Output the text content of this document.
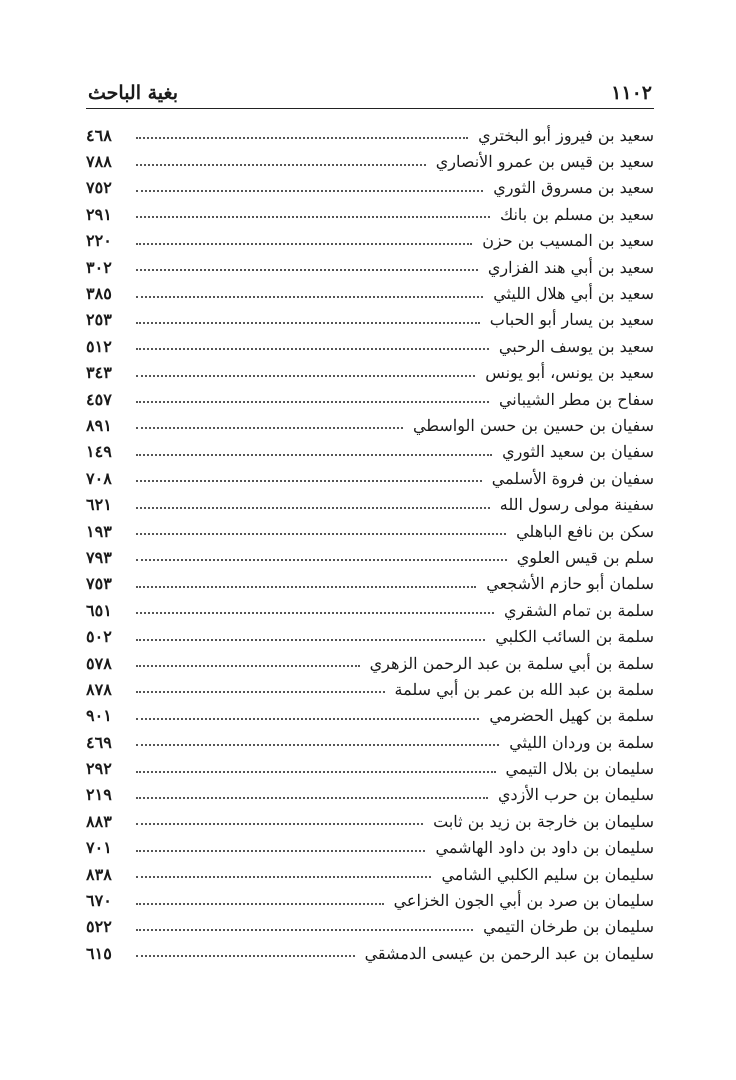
١١٠٢
بغية الباحث
سعيد بن فيروز أبو البختري
٤٦٨
سعيد بن قيس بن عمرو الأنصاري
٧٨٨
سعيد بن مسروق الثوري
٧٥٢
سعيد بن مسلم بن بانك
٢٩١
سعيد بن المسيب بن حزن
٢٢٠
سعيد بن أبي هند الفزاري
٣٠٢
سعيد بن أبي هلال الليثي
٣٨٥
سعيد بن يسار أبو الحباب
٢٥٣
سعيد بن يوسف الرحبي
٥١٢
سعيد بن يونس، أبو يونس
٣٤٣
سفاح بن مطر الشيباني
٤٥٧
سفيان بن حسين بن حسن الواسطي
٨٩١
سفيان بن سعيد الثوري
١٤٩
سفيان بن فروة الأسلمي
٧٠٨
سفينة مولى رسول الله
٦٢١
سكن بن نافع الباهلي
١٩٣
سلم بن قيس العلوي
٧٩٣
سلمان أبو حازم الأشجعي
٧٥٣
سلمة بن تمام الشقري
٦٥١
سلمة بن السائب الكلبي
٥٠٢
سلمة بن أبي سلمة بن عبد الرحمن الزهري
٥٧٨
سلمة بن عبد الله بن عمر بن أبي سلمة
٨٧٨
سلمة بن كهيل الحضرمي
٩٠١
سلمة بن وردان الليثي
٤٦٩
سليمان بن بلال التيمي
٢٩٢
سليمان بن حرب الأزدي
٢١٩
سليمان بن خارجة بن زيد بن ثابت
٨٨٣
سليمان بن داود بن داود الهاشمي
٧٠١
سليمان بن سليم الكلبي الشامي
٨٣٨
سليمان بن صرد بن أبي الجون الخزاعي
٦٧٠
سليمان بن طرخان التيمي
٥٢٢
سليمان بن عبد الرحمن بن عيسى الدمشقي
٦١٥
